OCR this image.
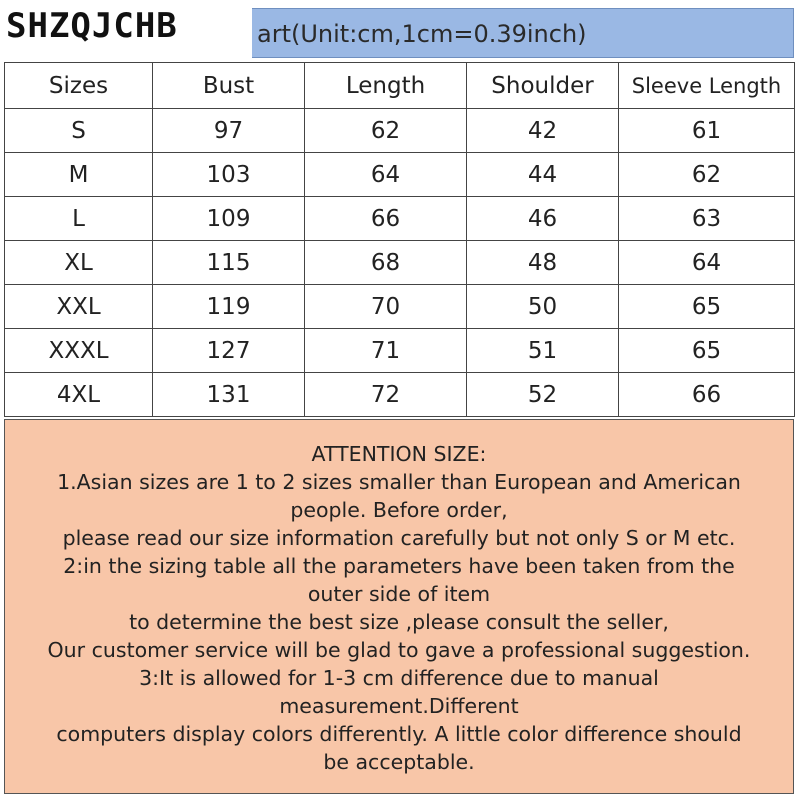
art(Unit:cm,1cm=0.39inch)
SHZQJCHB
Sizes	Bust	Length	Shoulder	Sleeve Length
S	97	62	42	61
M	103	64	44	62
L	109	66	46	63
XL	115	68	48	64
XXL	119	70	50	65
XXXL	127	71	51	65
4XL	131	72	52	66
ATTENTION SIZE:
1.Asian sizes are 1 to 2 sizes smaller than European and American
people. Before order,
please read our size information carefully but not only S or M etc.
2:in the sizing table all the parameters have been taken from the
outer side of item
to determine the best size ,please consult the seller,
Our customer service will be glad to gave a professional suggestion.
3:It is allowed for 1-3 cm difference due to manual
measurement.Different
computers display colors differently. A little color difference should
be acceptable.
